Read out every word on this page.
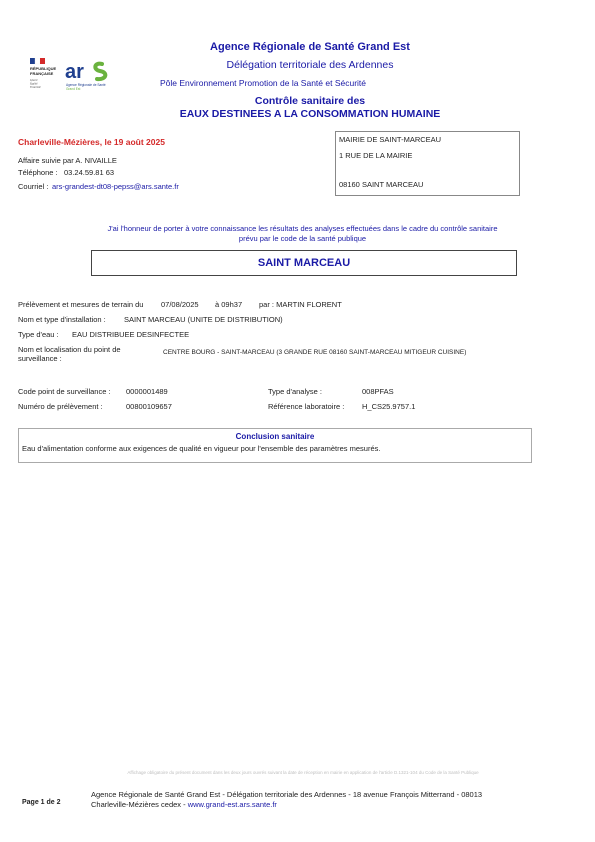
RÉPUBLIQUE
FRANÇAISE
Liberté
Égalité
Fraternité
ar
Agence Régionale de Santé
Grand Est
Agence Régionale de Santé Grand Est
Délégation territoriale des Ardennes
Pôle Environnement Promotion de la Santé et Sécurité
Contrôle sanitaire des
EAUX DESTINEES A LA CONSOMMATION HUMAINE
Charleville-Mézières, le 19 août 2025
Affaire suivie par A. NIVAILLE
Téléphone : 03.24.59.81 63
Courriel : ars-grandest-dt08-pepss@ars.sante.fr
MAIRIE DE SAINT-MARCEAU
1 RUE DE LA MAIRIE
08160 SAINT MARCEAU
J'ai l'honneur de porter à votre connaissance les résultats des analyses effectuées dans le cadre du contrôle sanitaire
prévu par le code de la santé publique
SAINT MARCEAU
Prélèvement et mesures de terrain du 07/08/2025 à 09h37 par : MARTIN FLORENT
Nom et type d'installation : SAINT MARCEAU (UNITE DE DISTRIBUTION)
Type d'eau : EAU DISTRIBUEE DESINFECTEE
Nom et localisation du point de
surveillance :
CENTRE BOURG - SAINT-MARCEAU (3 GRANDE RUE 08160 SAINT-MARCEAU MITIGEUR CUISINE)
Code point de surveillance : 0000001489	Type d'analyse :	008PFAS
Numéro de prélèvement :	00800109657	Référence laboratoire : H_CS25.9757.1
Conclusion sanitaire
Eau d'alimentation conforme aux exigences de qualité en vigueur pour l'ensemble des paramètres mesurés.
Affichage obligatoire du présent document dans les deux jours ouvrés suivant la date de réception en mairie en application de l'article D.1321-104 du Code de la Santé Publique
Page 1 de 2
Agence Régionale de Santé Grand Est - Délégation territoriale des Ardennes - 18 avenue François Mitterrand - 08013
Charleville-Mézières cedex - www.grand-est.ars.sante.fr
